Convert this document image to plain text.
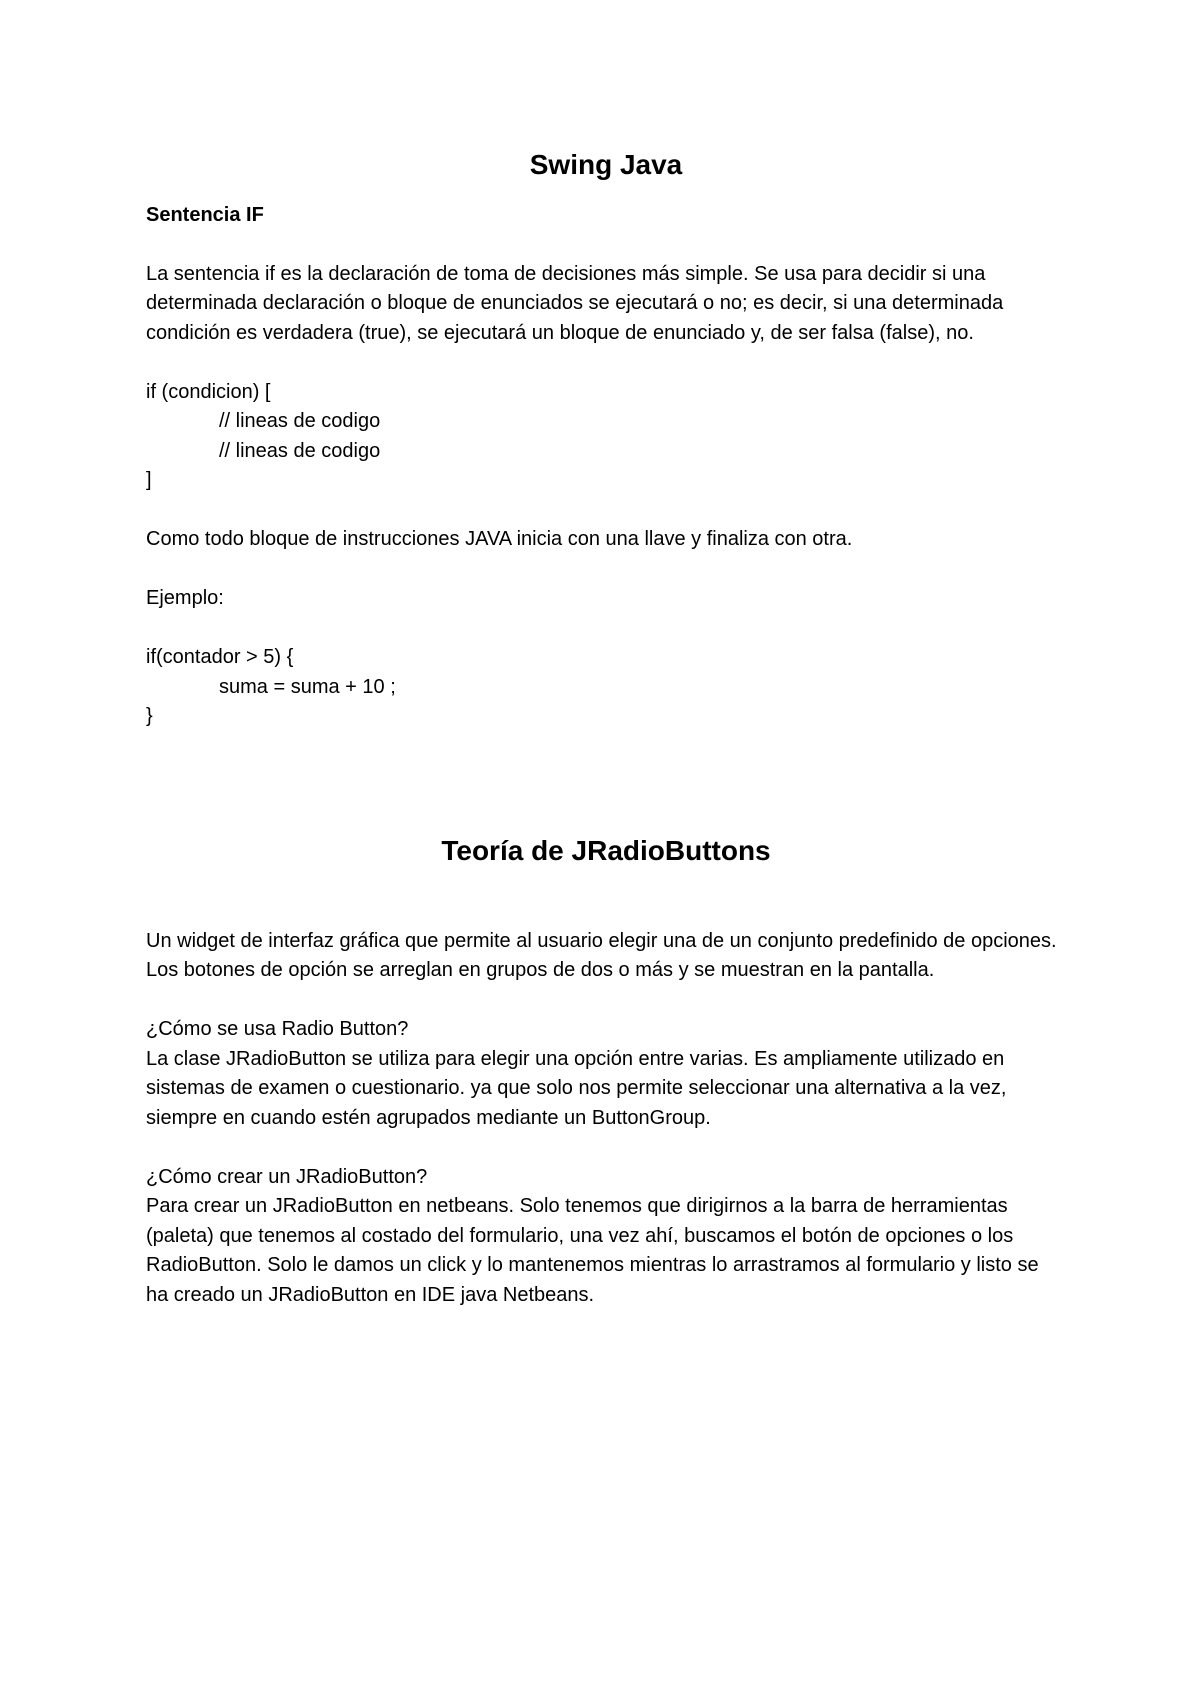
Swing Java
Sentencia IF

La sentencia if es la declaración de toma de decisiones más simple. Se usa para decidir si una determinada declaración o bloque de enunciados se ejecutará o no; es decir, si una determinada condición es verdadera (true), se ejecutará un bloque de enunciado y, de ser falsa (false), no.

if (condicion) [
// lineas de codigo
// lineas de codigo
]

Como todo bloque de instrucciones JAVA inicia con una llave y finaliza con otra.

Ejemplo:

if(contador > 5) {
suma = suma + 10 ;
}
Teoría de JRadioButtons

Un widget de interfaz gráfica que permite al usuario elegir una de un conjunto predefinido de opciones. Los botones de opción se arreglan en grupos de dos o más y se muestran en la pantalla.

¿Cómo se usa Radio Button?

La clase JRadioButton se utiliza para elegir una opción entre varias. Es ampliamente utilizado en sistemas de examen o cuestionario. ya que solo nos permite seleccionar una alternativa a la vez, siempre en cuando estén agrupados mediante un ButtonGroup.

¿Cómo crear un JRadioButton?

Para crear un JRadioButton en netbeans. Solo tenemos que dirigirnos a la barra de herramientas (paleta) que tenemos al costado del formulario, una vez ahí, buscamos el botón de opciones o los RadioButton. Solo le damos un click y lo mantenemos mientras lo arrastramos al formulario y listo se ha creado un JRadioButton en IDE java Netbeans.
